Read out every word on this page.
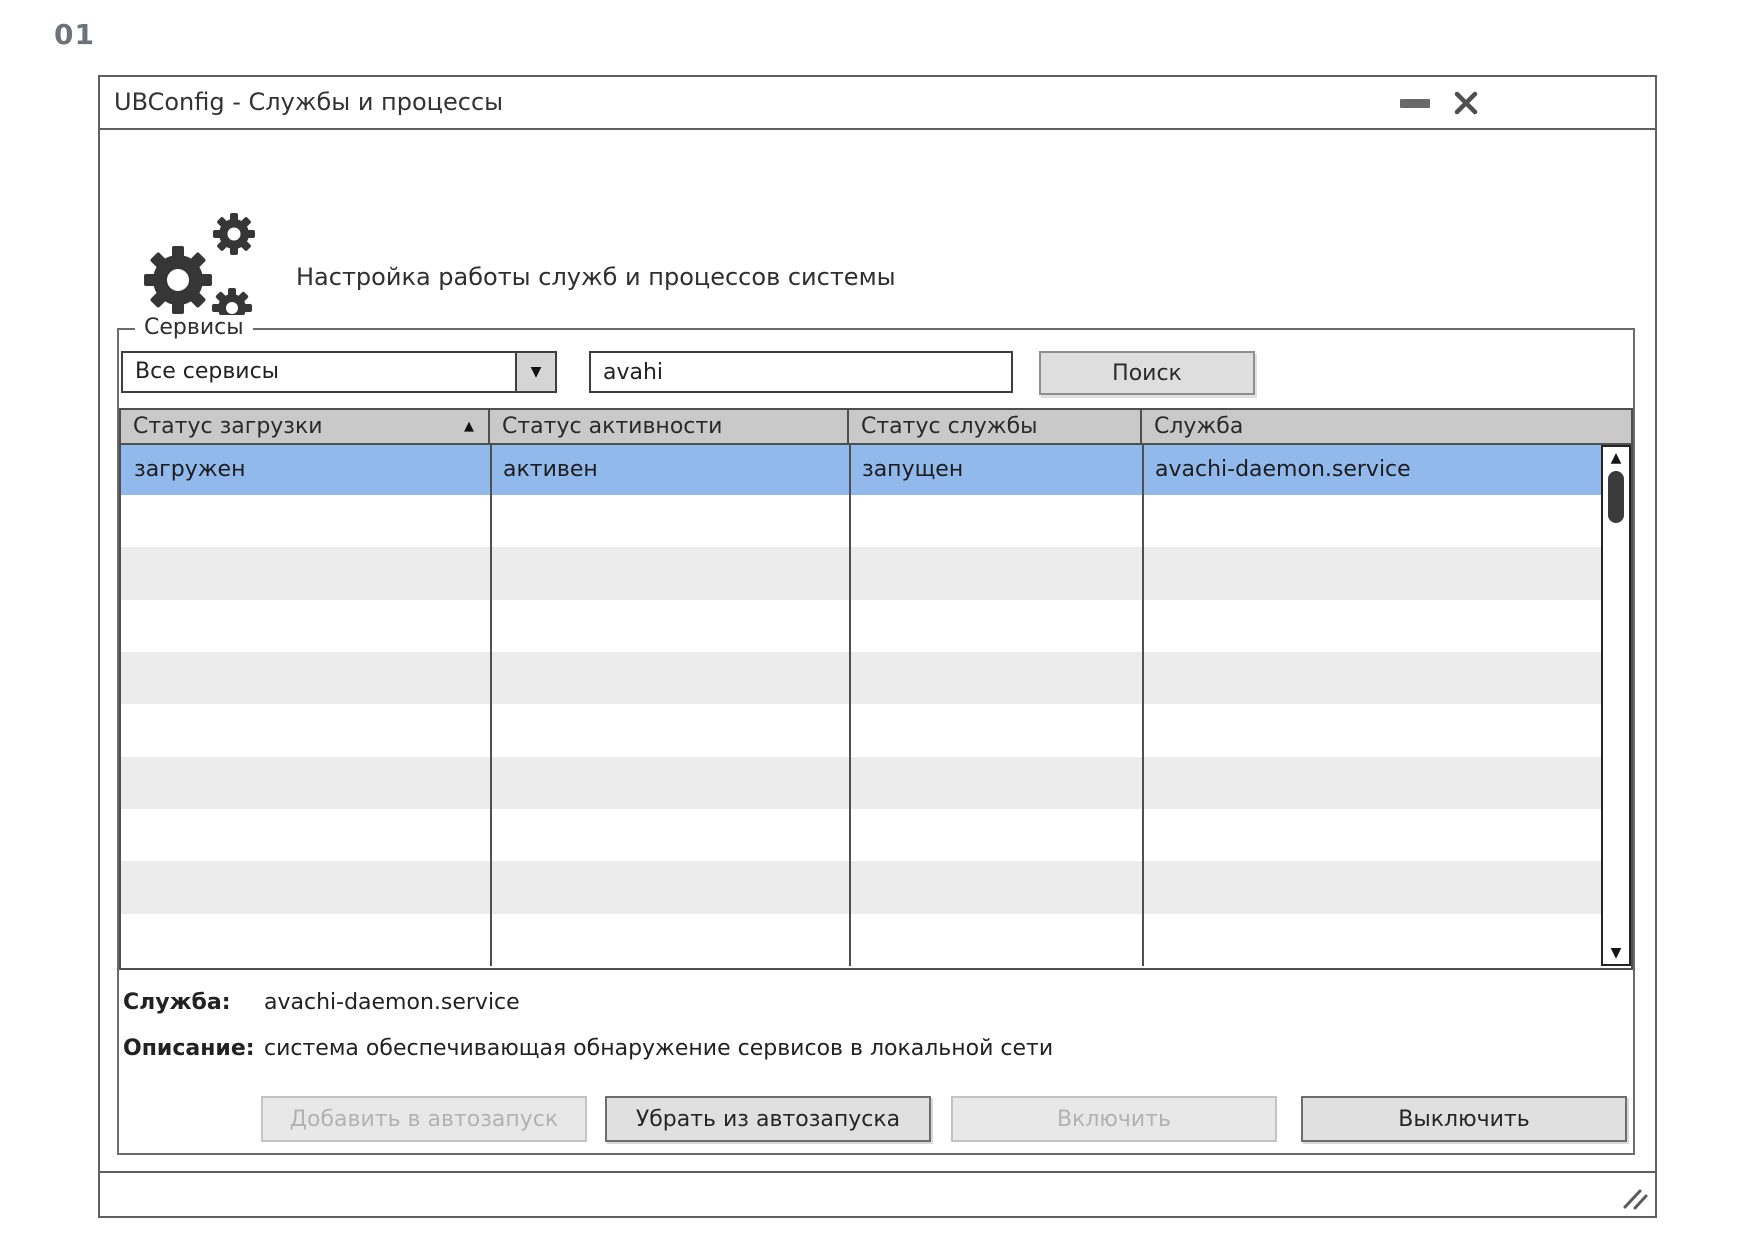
01
UBConfig - Службы и процессы
Настройка работы служб и процессов системы
Сервисы
Все сервисы	▼
avahi	Поиск
Статус загрузки	▲	Статус активности	Статус службы	Служба
загружен	активен	запущен	avachi-daemon.service	▲
▼
Служба: avachi-daemon.service
Описание: система обеспечивающая обнаружение сервисов в локальной сети
Добавить в автозапуск	Убрать из автозапуска	Включить	Выключить
